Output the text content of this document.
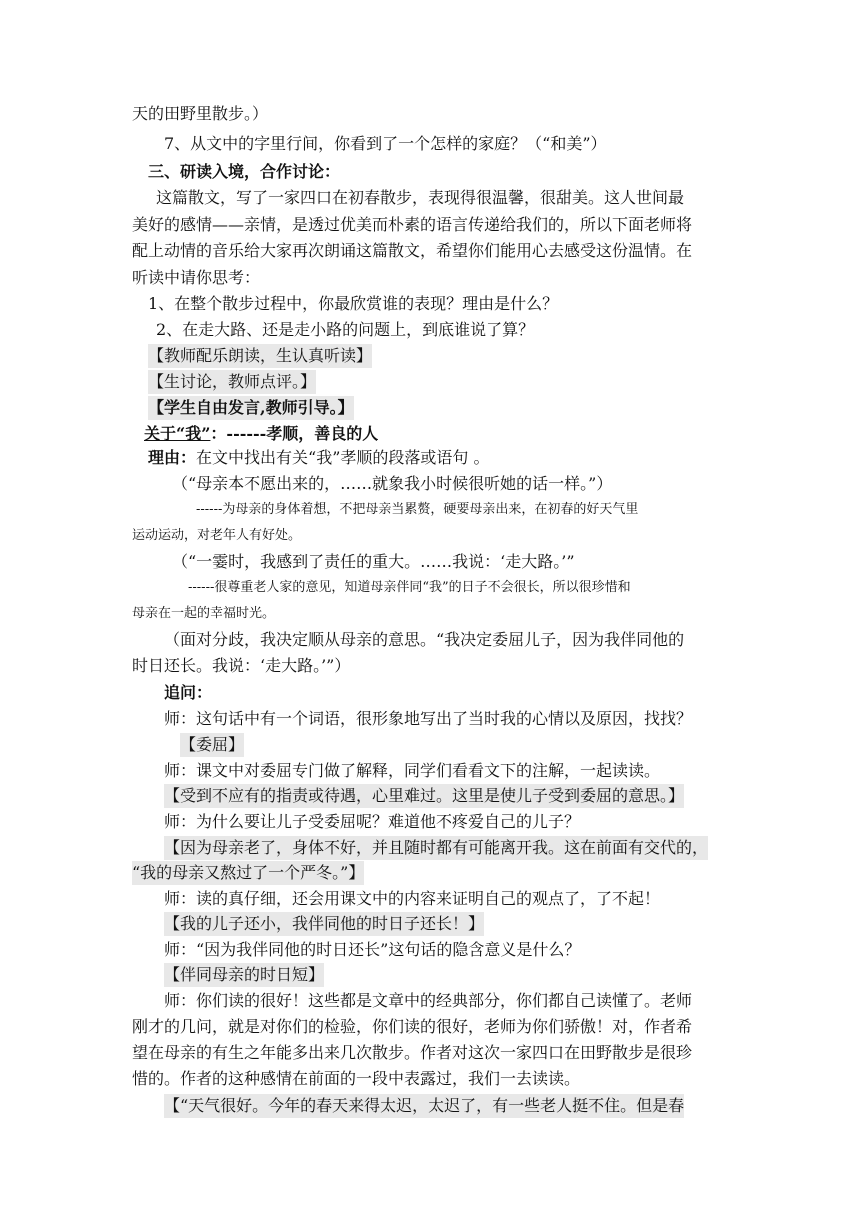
天的田野里散步。）
7、从文中的字里行间，你看到了一个怎样的家庭？（“和美”）
三、研读入境，合作讨论：
这篇散文，写了一家四口在初春散步，表现得很温馨，很甜美。这人世间最
美好的感情——亲情，是透过优美而朴素的语言传递给我们的，所以下面老师将
配上动情的音乐给大家再次朗诵这篇散文，希望你们能用心去感受这份温情。在
听读中请你思考：
1、在整个散步过程中，你最欣赏谁的表现？理由是什么？
2、在走大路、还是走小路的问题上，到底谁说了算？
【教师配乐朗读，生认真听读】
【生讨论，教师点评。】
【学生自由发言,教师引导。】
关于“我”：------孝顺，善良的人
理由：在文中找出有关“我”孝顺的段落或语句 。
（“母亲本不愿出来的，……就象我小时候很听她的话一样。”）
------为母亲的身体着想，不把母亲当累赘，硬要母亲出来，在初春的好天气里
运动运动，对老年人有好处。
（“一霎时，我感到了责任的重大。……我说：‘走大路。’”
------很尊重老人家的意见，知道母亲伴同“我”的日子不会很长，所以很珍惜和
母亲在一起的幸福时光。
（面对分歧，我决定顺从母亲的意思。“我决定委屈儿子，因为我伴同他的
时日还长。我说：‘走大路。’”）
追问：
师：这句话中有一个词语，很形象地写出了当时我的心情以及原因，找找？
【委屈】
师：课文中对委屈专门做了解释，同学们看看文下的注解，一起读读。
【受到不应有的指责或待遇，心里难过。这里是使儿子受到委屈的意思。】
师：为什么要让儿子受委屈呢？难道他不疼爱自己的儿子？
【因为母亲老了，身体不好，并且随时都有可能离开我。这在前面有交代的，
“我的母亲又熬过了一个严冬。”】
师：读的真仔细，还会用课文中的内容来证明自己的观点了，了不起！
【我的儿子还小，我伴同他的时日子还长！】
师：“因为我伴同他的时日还长”这句话的隐含意义是什么？
【伴同母亲的时日短】
师：你们读的很好！这些都是文章中的经典部分，你们都自己读懂了。老师
刚才的几问，就是对你们的检验，你们读的很好，老师为你们骄傲！对，作者希
望在母亲的有生之年能多出来几次散步。作者对这次一家四口在田野散步是很珍
惜的。作者的这种感情在前面的一段中表露过，我们一去读读。
【“天气很好。今年的春天来得太迟，太迟了，有一些老人挺不住。但是春
